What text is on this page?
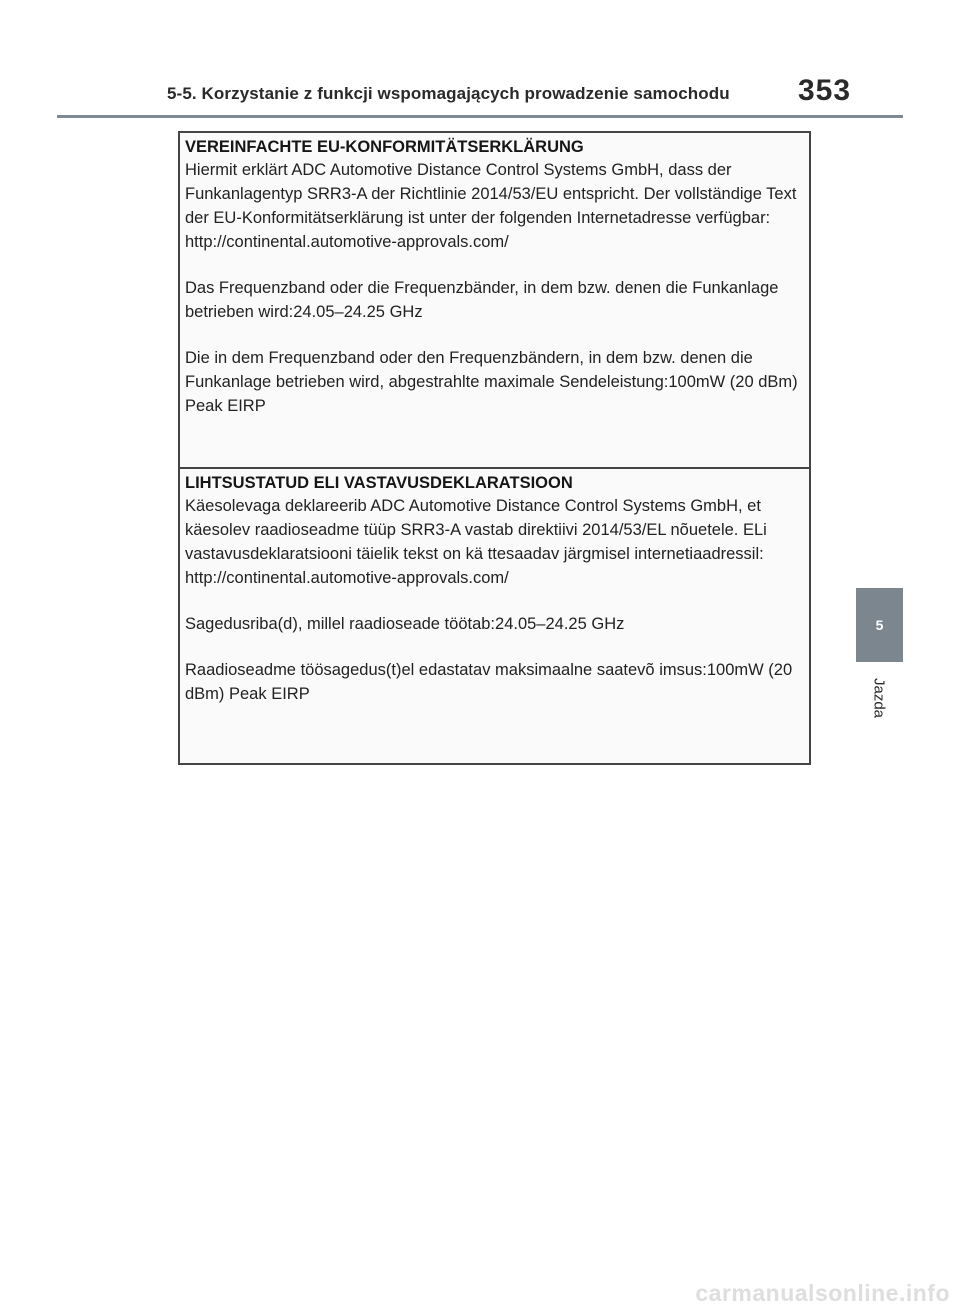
5-5. Korzystanie z funkcji wspomagających prowadzenie samochodu 353
5
Jazda
VEREINFACHTE EU-KONFORMITÄTSERKLÄRUNG
Hiermit erklärt ADC Automotive Distance Control Systems GmbH, dass der Funkanlagentyp SRR3-A der Richtlinie 2014/53/EU entspricht. Der vollständige Text der EU-Konformitätserklärung ist unter der folgenden Internetadresse verfügbar: http://continental.automotive-approvals.com/
Das Frequenzband oder die Frequenzbänder, in dem bzw. denen die Funkanlage betrieben wird:24.05–24.25 GHz
Die in dem Frequenzband oder den Frequenzbändern, in dem bzw. denen die Funkanlage betrieben wird, abgestrahlte maximale Sendeleistung:100mW (20 dBm) Peak EIRP
LIHTSUSTATUD ELI VASTAVUSDEKLARATSIOON
Käesolevaga deklareerib ADC Automotive Distance Control Systems GmbH, et käesolev raadioseadme tüüp SRR3-A vastab direktiivi 2014/53/EL nõuetele. ELi vastavusdeklaratsiooni täielik tekst on kä ttesaadav järgmisel internetiaadressil: http://continental.automotive-approvals.com/
Sagedusriba(d), millel raadioseade töötab:24.05–24.25 GHz
Raadioseadme töösagedus(t)el edastatav maksimaalne saatevõ imsus:100mW (20 dBm) Peak EIRP
carmanualsonline.info
